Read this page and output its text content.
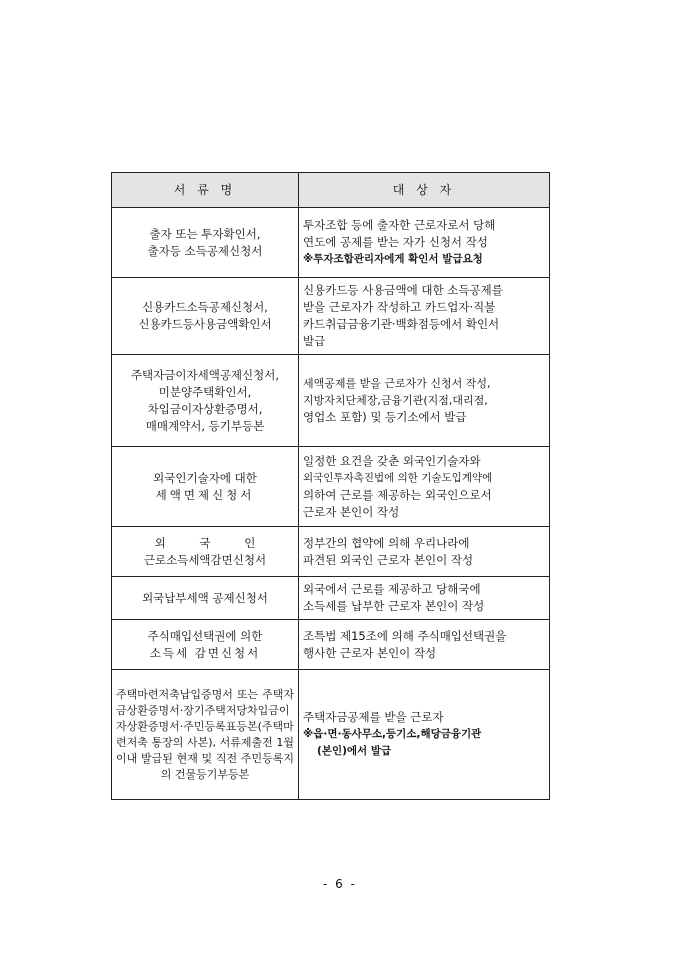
서 류 명	대 상 자

출자 또는 투자확인서,
출자등 소득공제신청서	투자조합 등에 출자한 근로자로서 당해
연도에 공제를 받는 자가 신청서 작성
※투자조합관리자에게 확인서 발급요청

신용카드소득공제신청서,
신용카드등사용금액확인서	신용카드등 사용금액에 대한 소득공제를
받을 근로자가 작성하고 카드업자·직불
카드취급금융기관·백화점등에서 확인서
발급

주택자금이자세액공제신청서,
미분양주택확인서,
차입금이자상환증명서,
매매계약서, 등기부등본	세액공제를 받을 근로자가 신청서 작성,
지방자치단체장,금융기관(지점,대리점,
영업소 포함) 및 등기소에서 발급

외국인기술자에 대한
세액면제신청서	일정한 요건을 갖춘 외국인기술자와
외국인투자촉진법에 의한 기술도입계약에
의하여 근로를 제공하는 외국인으로서
근로자 본인이 작성

외 국 인
근로소득세액감면신청서	정부간의 협약에 의해 우리나라에
파견된 외국인 근로자 본인이 작성

외국납부세액 공제신청서	외국에서 근로를 제공하고 당해국에
소득세를 납부한 근로자 본인이 작성

주식매입선택권에 의한
소득세 감면신청서	조특법 제15조에 의해 주식매입선택권을
행사한 근로자 본인이 작성

주택마련저축납입증명서 또는 주택자금상환증명서·장기주택저당차입금이자상환증명서·주민등록표등본(주택마련저축 통장의 사본), 서류제출전 1월이내 발급된 현재 및 직전 주민등록지의 건물등기부등본	주택자금공제를 받을 근로자
※읍·면·동사무소,등기소,해당금융기관
(본인)에서 발급
- 6 -
